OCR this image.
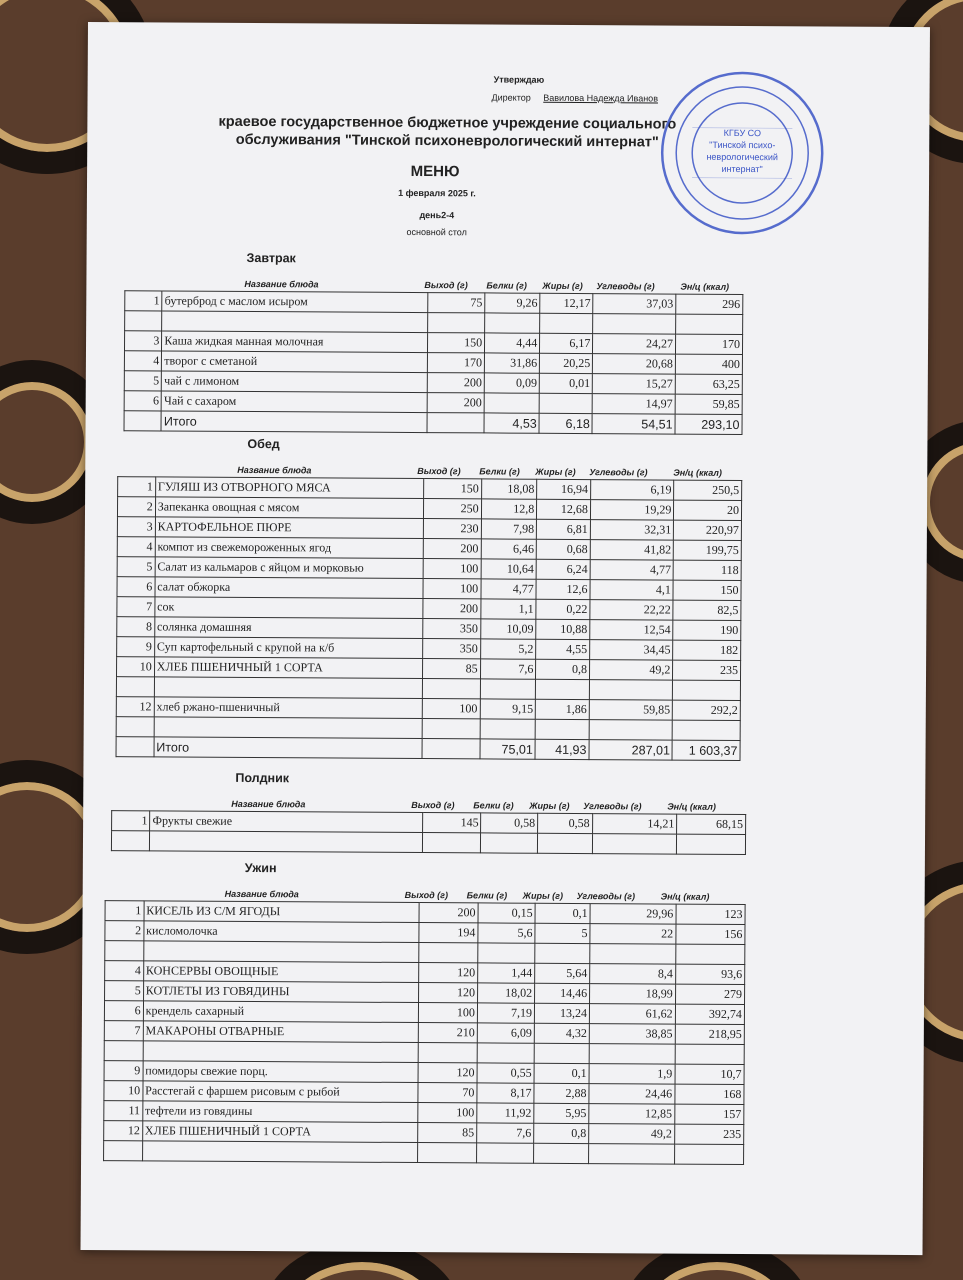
Утверждаю
Директор Вавилова Надежда Иванов
краевое государственное бюджетное учреждение социального
обслуживания "Тинской психоневрологический интернат"
МЕНЮ
1 февраля 2025 г.
день2-4
основной стол
КГБУ СО
"Тинской психо-
неврологический
интернат"
Завтрак
Название блюда	Выход (г) Белки (г) Жиры (г) Углеводы (г)	Эн/ц (ккал)
1	бутерброд с маслом исыром	75	9,26	12,17	37,03	296

3	Каша жидкая манная молочная	150	4,44	6,17	24,27	170
4	творог с сметаной	170	31,86	20,25	20,68	400
5	чай с лимоном	200	0,09	0,01	15,27	63,25
6	Чай с сахаром	200			14,97	59,85
	Итого		4,53	6,18	54,51	293,10
Обед
Название блюда	Выход (г) Белки (г) Жиры (г) Углеводы (г)	Эн/ц (ккал)
1	ГУЛЯШ ИЗ ОТВОРНОГО МЯСА	150	18,08	16,94	6,19	250,5
2	Запеканка овощная с мясом	250	12,8	12,68	19,29	20
3	КАРТОФЕЛЬНОЕ ПЮРЕ	230	7,98	6,81	32,31	220,97
4	компот из свежемороженных ягод	200	6,46	0,68	41,82	199,75
5	Салат из кальмаров с яйцом и морковью	100	10,64	6,24	4,77	118
6	салат обжорка	100	4,77	12,6	4,1	150
7	сок	200	1,1	0,22	22,22	82,5
8	солянка домашняя	350	10,09	10,88	12,54	190
9	Суп картофельный с крупой на к/б	350	5,2	4,55	34,45	182
10	ХЛЕБ ПШЕНИЧНЫЙ 1 СОРТА	85	7,6	0,8	49,2	235

12	хлеб ржано-пшеничный	100	9,15	1,86	59,85	292,2

	Итого		75,01	41,93	287,01	1 603,37
Полдник
Название блюда	Выход (г) Белки (г) Жиры (г) Углеводы (г)	Эн/ц (ккал)
1	Фрукты свежие	145	0,58	0,58	14,21	68,15

Ужин
Название блюда	Выход (г) Белки (г) Жиры (г) Углеводы (г)	Эн/ц (ккал)
1	КИСЕЛЬ ИЗ С/М ЯГОДЫ	200	0,15	0,1	29,96	123
2	кисломолочка	194	5,6	5	22	156

4	КОНСЕРВЫ ОВОЩНЫЕ	120	1,44	5,64	8,4	93,6
5	КОТЛЕТЫ ИЗ ГОВЯДИНЫ	120	18,02	14,46	18,99	279
6	крендель сахарный	100	7,19	13,24	61,62	392,74
7	МАКАРОНЫ ОТВАРНЫЕ	210	6,09	4,32	38,85	218,95

9	помидоры свежие порц.	120	0,55	0,1	1,9	10,7
10	Расстегай с фаршем рисовым с рыбой	70	8,17	2,88	24,46	168
11	тефтели из говядины	100	11,92	5,95	12,85	157
12	ХЛЕБ ПШЕНИЧНЫЙ 1 СОРТА	85	7,6	0,8	49,2	235
